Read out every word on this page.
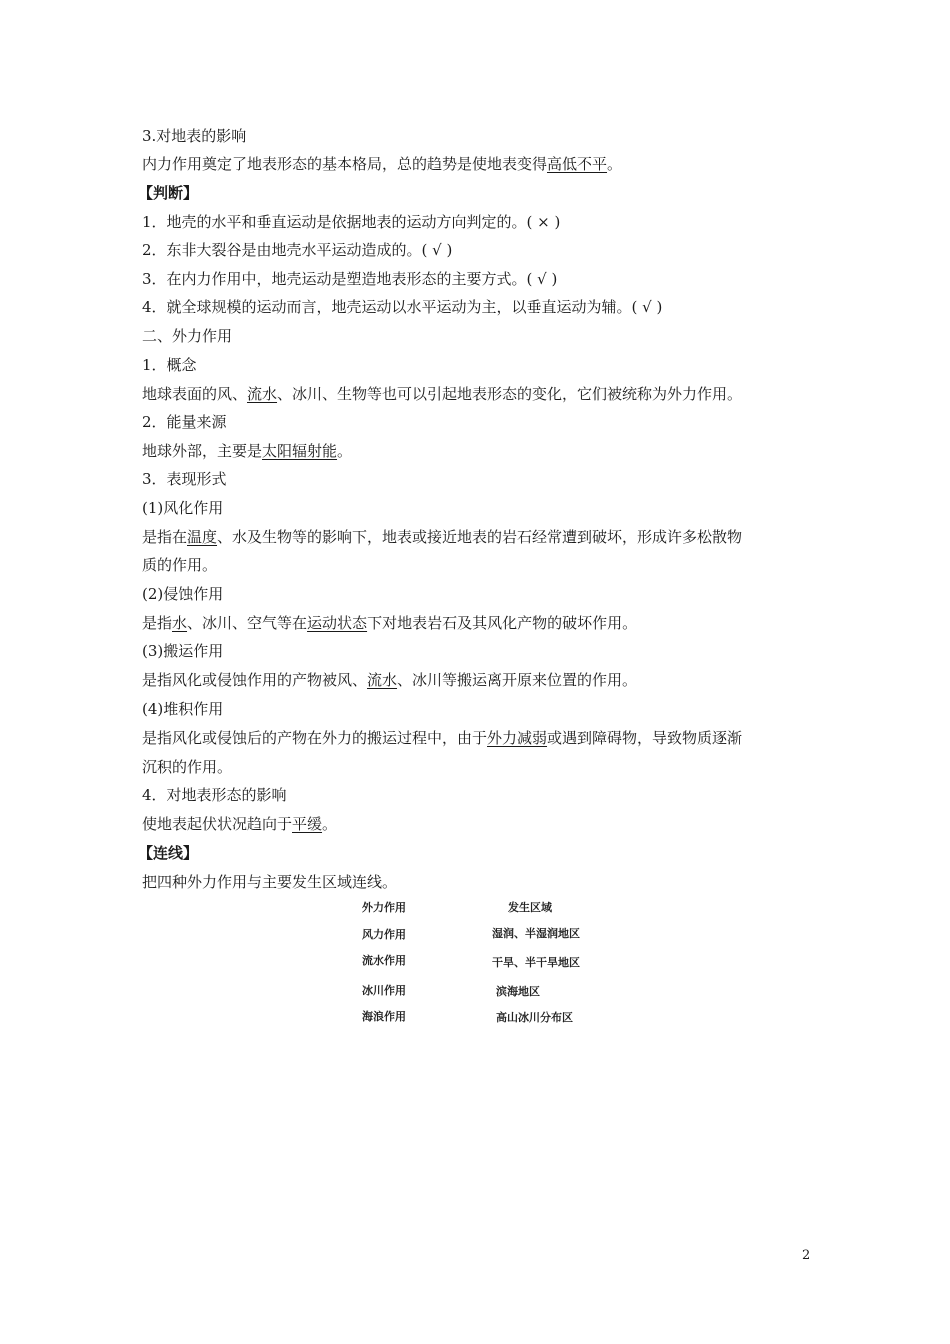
3.对地表的影响
内力作用奠定了地表形态的基本格局，总的趋势是使地表变得高低不平。
【判断】
1．地壳的水平和垂直运动是依据地表的运动方向判定的。( × )
2．东非大裂谷是由地壳水平运动造成的。( √ )
3．在内力作用中，地壳运动是塑造地表形态的主要方式。( √ )
4．就全球规模的运动而言，地壳运动以水平运动为主，以垂直运动为辅。( √ )
二、外力作用
1．概念
地球表面的风、流水、冰川、生物等也可以引起地表形态的变化，它们被统称为外力作用。
2．能量来源
地球外部，主要是太阳辐射能。
3．表现形式
(1)风化作用
是指在温度、水及生物等的影响下，地表或接近地表的岩石经常遭到破坏，形成许多松散物
质的作用。
(2)侵蚀作用
是指水、冰川、空气等在运动状态下对地表岩石及其风化产物的破坏作用。
(3)搬运作用
是指风化或侵蚀作用的产物被风、流水、冰川等搬运离开原来位置的作用。
(4)堆积作用
是指风化或侵蚀后的产物在外力的搬运过程中，由于外力减弱或遇到障碍物，导致物质逐渐
沉积的作用。
4．对地表形态的影响
使地表起伏状况趋向于平缓。
【连线】
把四种外力作用与主要发生区域连线。
外力作用	发生区域
风力作用
流水作用
冰川作用
海浪作用
湿润、半湿润地区
干旱、半干旱地区
滨海地区
高山冰川分布区
2
